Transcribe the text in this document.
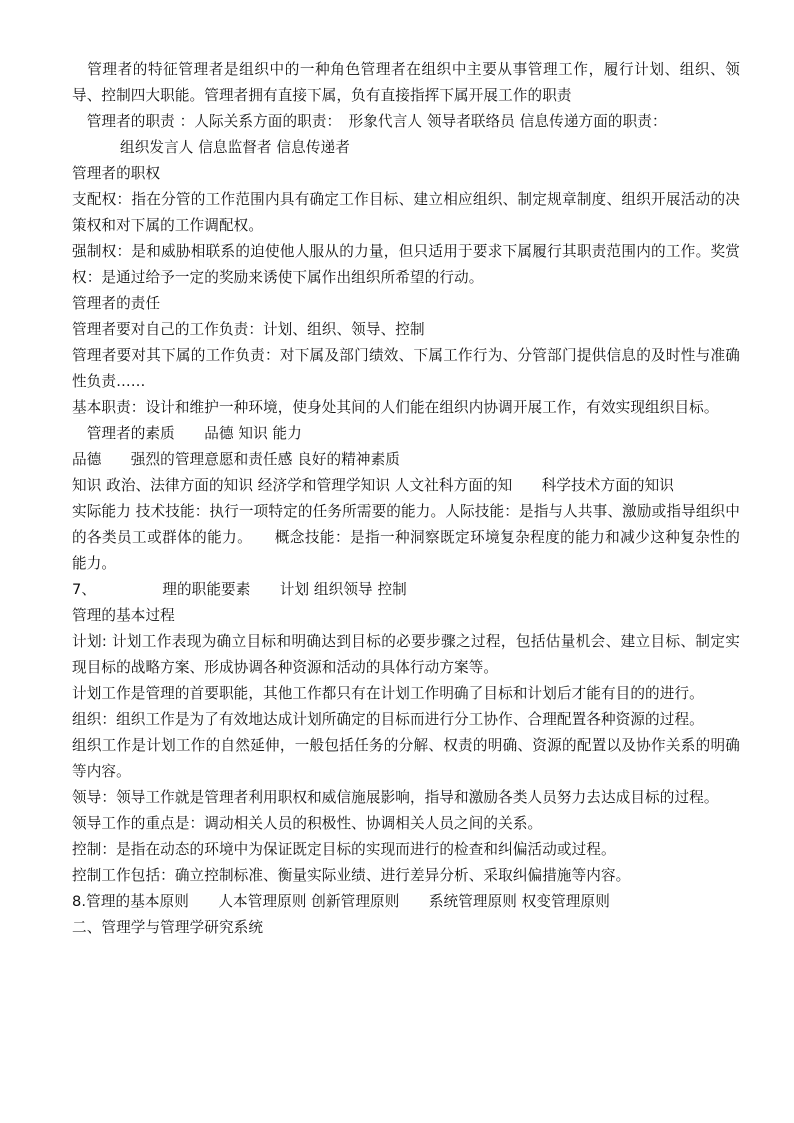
　管理者的特征管理者是组织中的一种角色管理者在组织中主要从事管理工作，履行计划、组织、领导、控制四大职能。管理者拥有直接下属，负有直接指挥下属开展工作的职责
　管理者的职责 ：人际关系方面的职责：　形象代言人 领导者联络员 信息传递方面的职责：
组织发言人 信息监督者 信息传递者
管理者的职权
支配权：指在分管的工作范围内具有确定工作目标、建立相应组织、制定规章制度、组织开展活动的决策权和对下属的工作调配权。
强制权：是和威胁相联系的迫使他人服从的力量，但只适用于要求下属履行其职责范围内的工作。奖赏权：是通过给予一定的奖励来诱使下属作出组织所希望的行动。
管理者的责任
管理者要对自己的工作负责：计划、组织、领导、控制
管理者要对其下属的工作负责：对下属及部门绩效、下属工作行为、分管部门提供信息的及时性与准确性负责……
基本职责：设计和维护一种环境，使身处其间的人们能在组织内协调开展工作，有效实现组织目标。
　管理者的素质　　品德 知识 能力
品德　　强烈的管理意愿和责任感 良好的精神素质
知识 政治、法律方面的知识 经济学和管理学知识 人文社科方面的知　　科学技术方面的知识
实际能力 技术技能：执行一项特定的任务所需要的能力。人际技能：是指与人共事、激励或指导组织中的各类员工或群体的能力。　　概念技能：是指一种洞察既定环境复杂程度的能力和减少这种复杂性的能力。
7、　　　　　理的职能要素　　计划 组织领导 控制
管理的基本过程
计划: 计划工作表现为确立目标和明确达到目标的必要步骤之过程，包括估量机会、建立目标、制定实现目标的战略方案、形成协调各种资源和活动的具体行动方案等。
计划工作是管理的首要职能，其他工作都只有在计划工作明确了目标和计划后才能有目的的进行。
组织：组织工作是为了有效地达成计划所确定的目标而进行分工协作、合理配置各种资源的过程。
组织工作是计划工作的自然延伸，一般包括任务的分解、权责的明确、资源的配置以及协作关系的明确等内容。
领导：领导工作就是管理者利用职权和威信施展影响，指导和激励各类人员努力去达成目标的过程。
领导工作的重点是：调动相关人员的积极性、协调相关人员之间的关系。
控制：是指在动态的环境中为保证既定目标的实现而进行的检查和纠偏活动或过程。
控制工作包括：确立控制标准、衡量实际业绩、进行差异分析、采取纠偏措施等内容。
8.管理的基本原则　　人本管理原则 创新管理原则　　系统管理原则 权变管理原则
二、管理学与管理学研究系统
